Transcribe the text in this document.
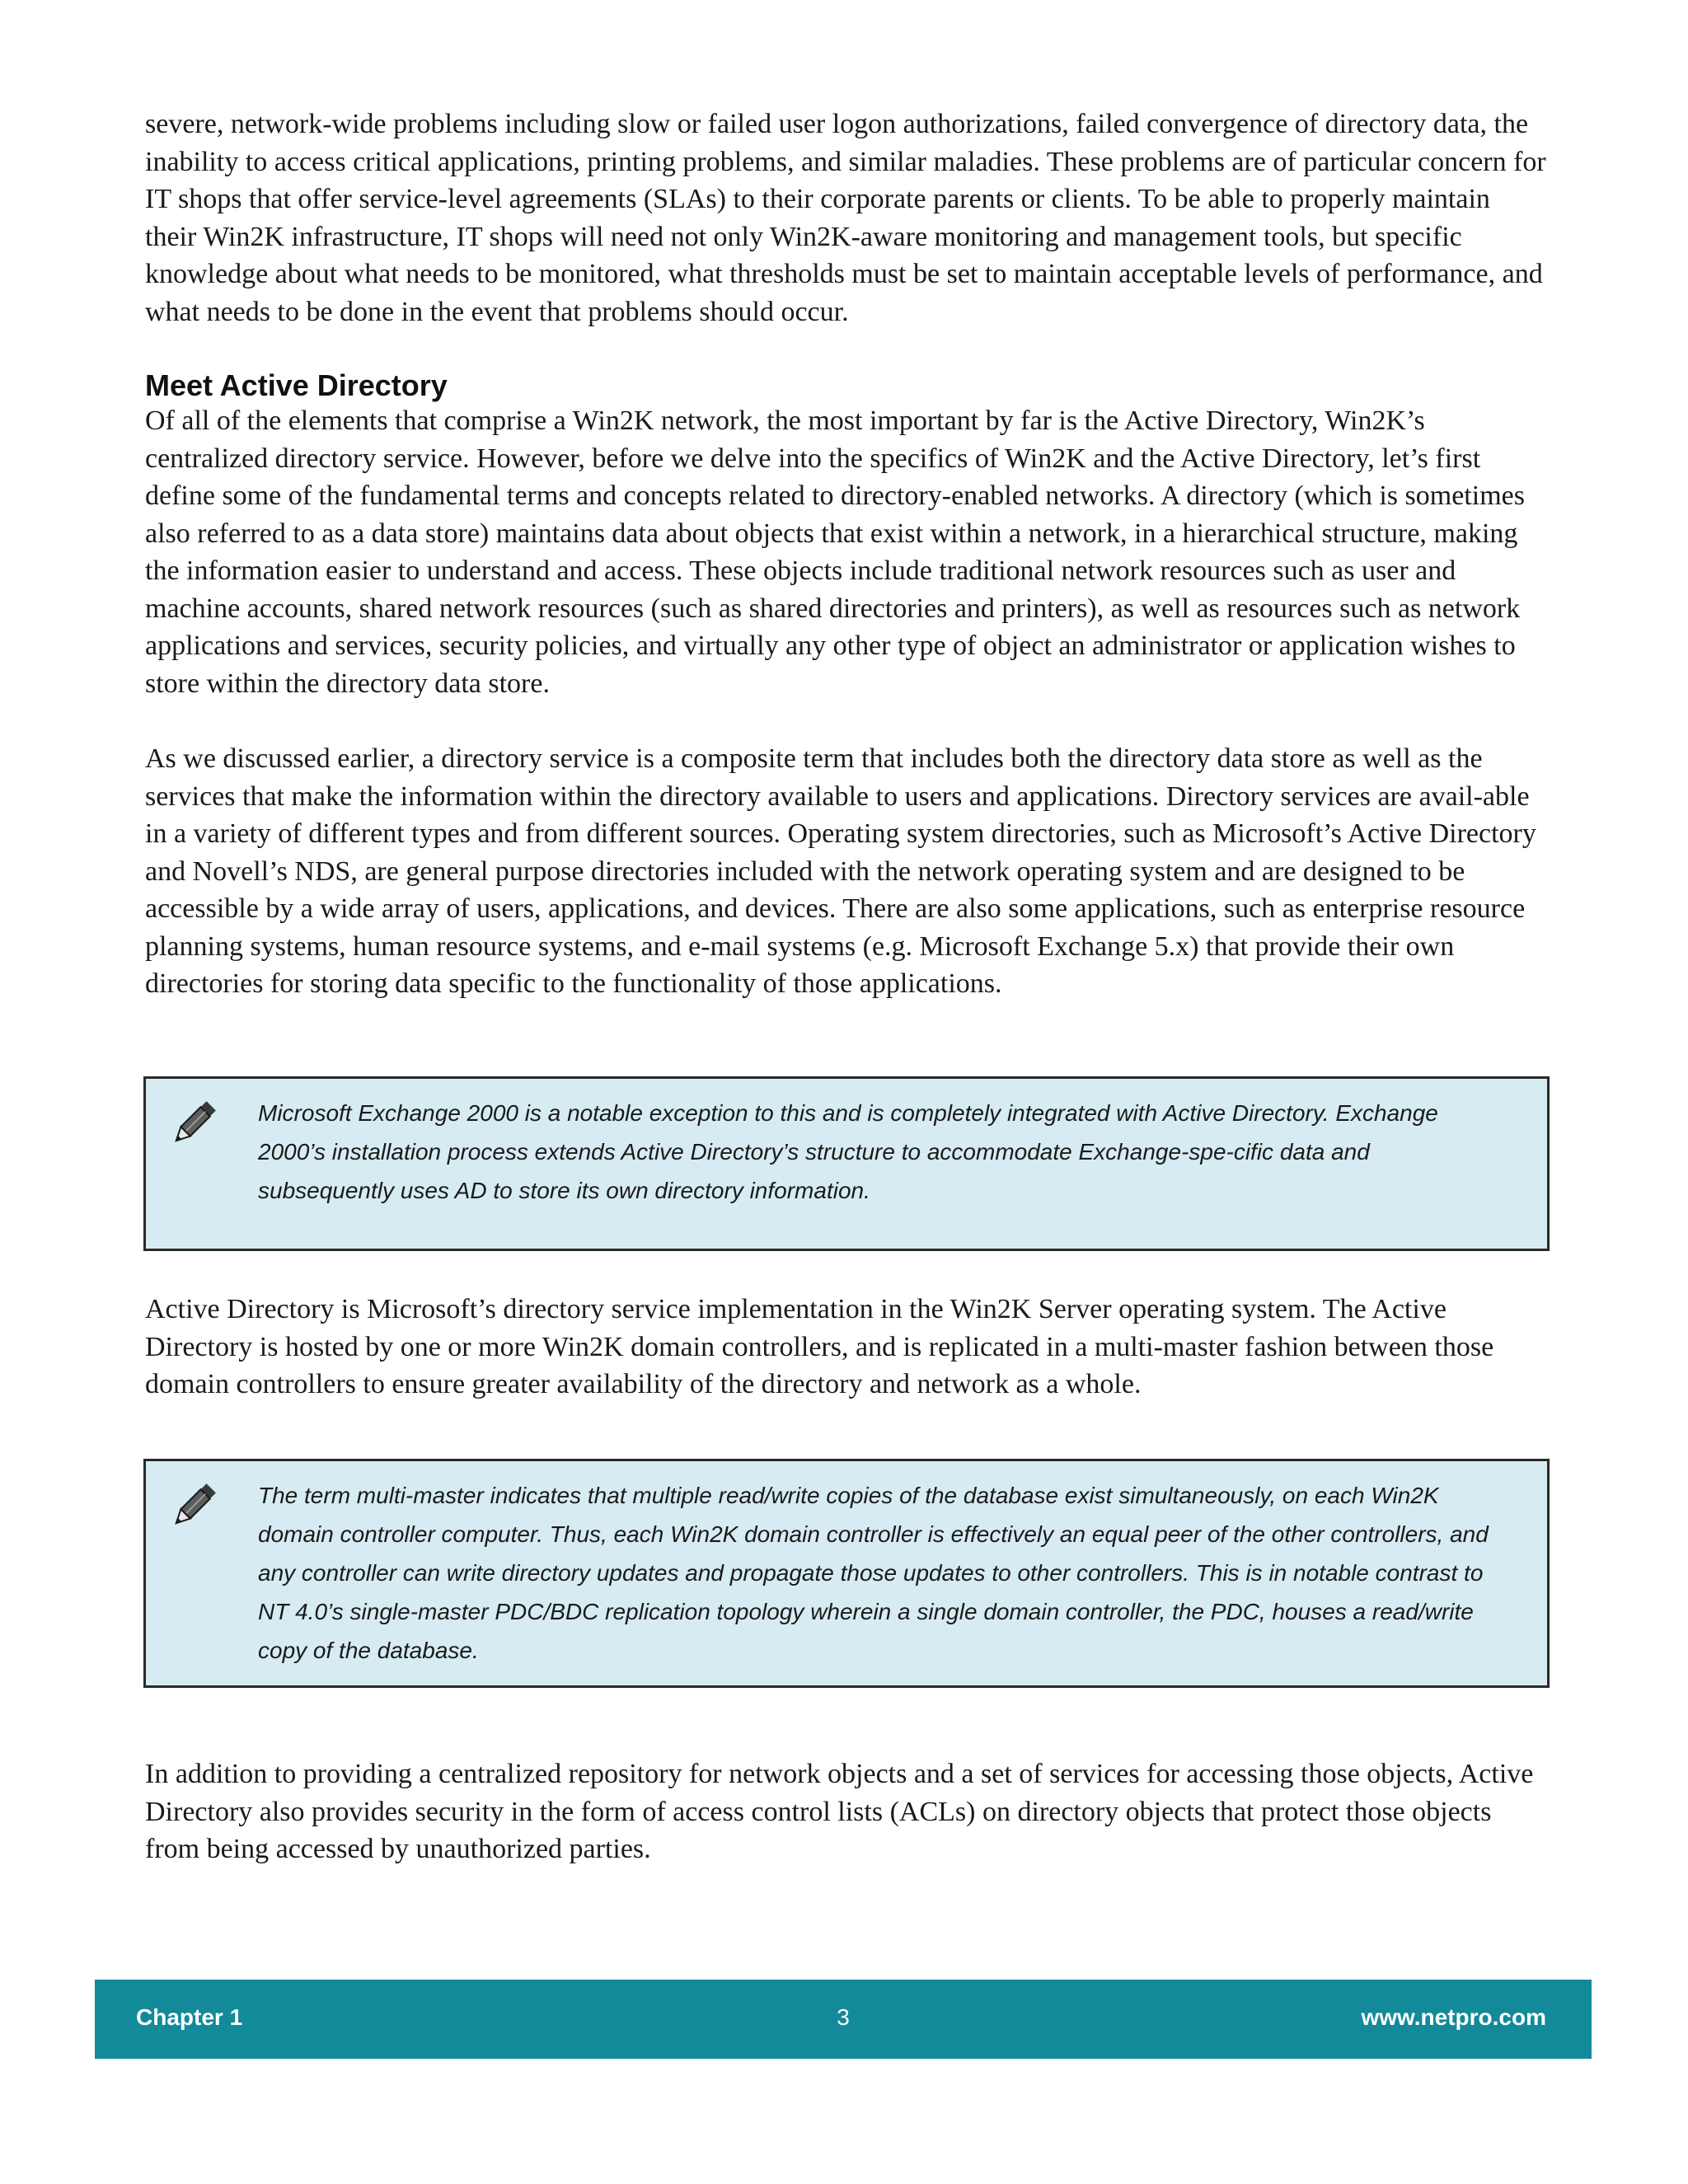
severe, network-wide problems including slow or failed user logon authorizations, failed convergence of directory data, the inability to access critical applications, printing problems, and similar maladies. These problems are of particular concern for IT shops that offer service-level agreements (SLAs) to their corporate parents or clients. To be able to properly maintain their Win2K infrastructure, IT shops will need not only Win2K-aware monitoring and management tools, but specific knowledge about what needs to be monitored, what thresholds must be set to maintain acceptable levels of performance, and what needs to be done in the event that problems should occur.

Meet Active Directory

Of all of the elements that comprise a Win2K network, the most important by far is the Active Directory, Win2K’s centralized directory service. However, before we delve into the specifics of Win2K and the Active Directory, let’s first define some of the fundamental terms and concepts related to directory-enabled networks. A directory (which is sometimes also referred to as a data store) maintains data about objects that exist within a network, in a hierarchical structure, making the information easier to understand and access. These objects include traditional network resources such as user and machine accounts, shared network resources (such as shared directories and printers), as well as resources such as network applications and services, security policies, and virtually any other type of object an administrator or application wishes to store within the directory data store.

As we discussed earlier, a directory service is a composite term that includes both the directory data store as well as the services that make the information within the directory available to users and applications. Directory services are avail-able in a variety of different types and from different sources. Operating system directories, such as Microsoft’s Active Directory and Novell’s NDS, are general purpose directories included with the network operating system and are designed to be accessible by a wide array of users, applications, and devices. There are also some applications, such as enterprise resource planning systems, human resource systems, and e-mail systems (e.g. Microsoft Exchange 5.x) that provide their own directories for storing data specific to the functionality of those applications.

Microsoft Exchange 2000 is a notable exception to this and is completely integrated with Active Directory. Exchange 2000’s installation process extends Active Directory’s structure to accommodate Exchange-spe-cific data and subsequently uses AD to store its own directory information.

Active Directory is Microsoft’s directory service implementation in the Win2K Server operating system. The Active Directory is hosted by one or more Win2K domain controllers, and is replicated in a multi-master fashion between those domain controllers to ensure greater availability of the directory and network as a whole.

The term multi-master indicates that multiple read/write copies of the database exist simultaneously, on each Win2K domain controller computer. Thus, each Win2K domain controller is effectively an equal peer of the other controllers, and any controller can write directory updates and propagate those updates to other controllers. This is in notable contrast to NT 4.0’s single-master PDC/BDC replication topology wherein a single domain controller, the PDC, houses a read/write copy of the database.

In addition to providing a centralized repository for network objects and a set of services for accessing those objects, Active Directory also provides security in the form of access control lists (ACLs) on directory objects that protect those objects from being accessed by unauthorized parties.

Chapter 1	3	www.netpro.com
